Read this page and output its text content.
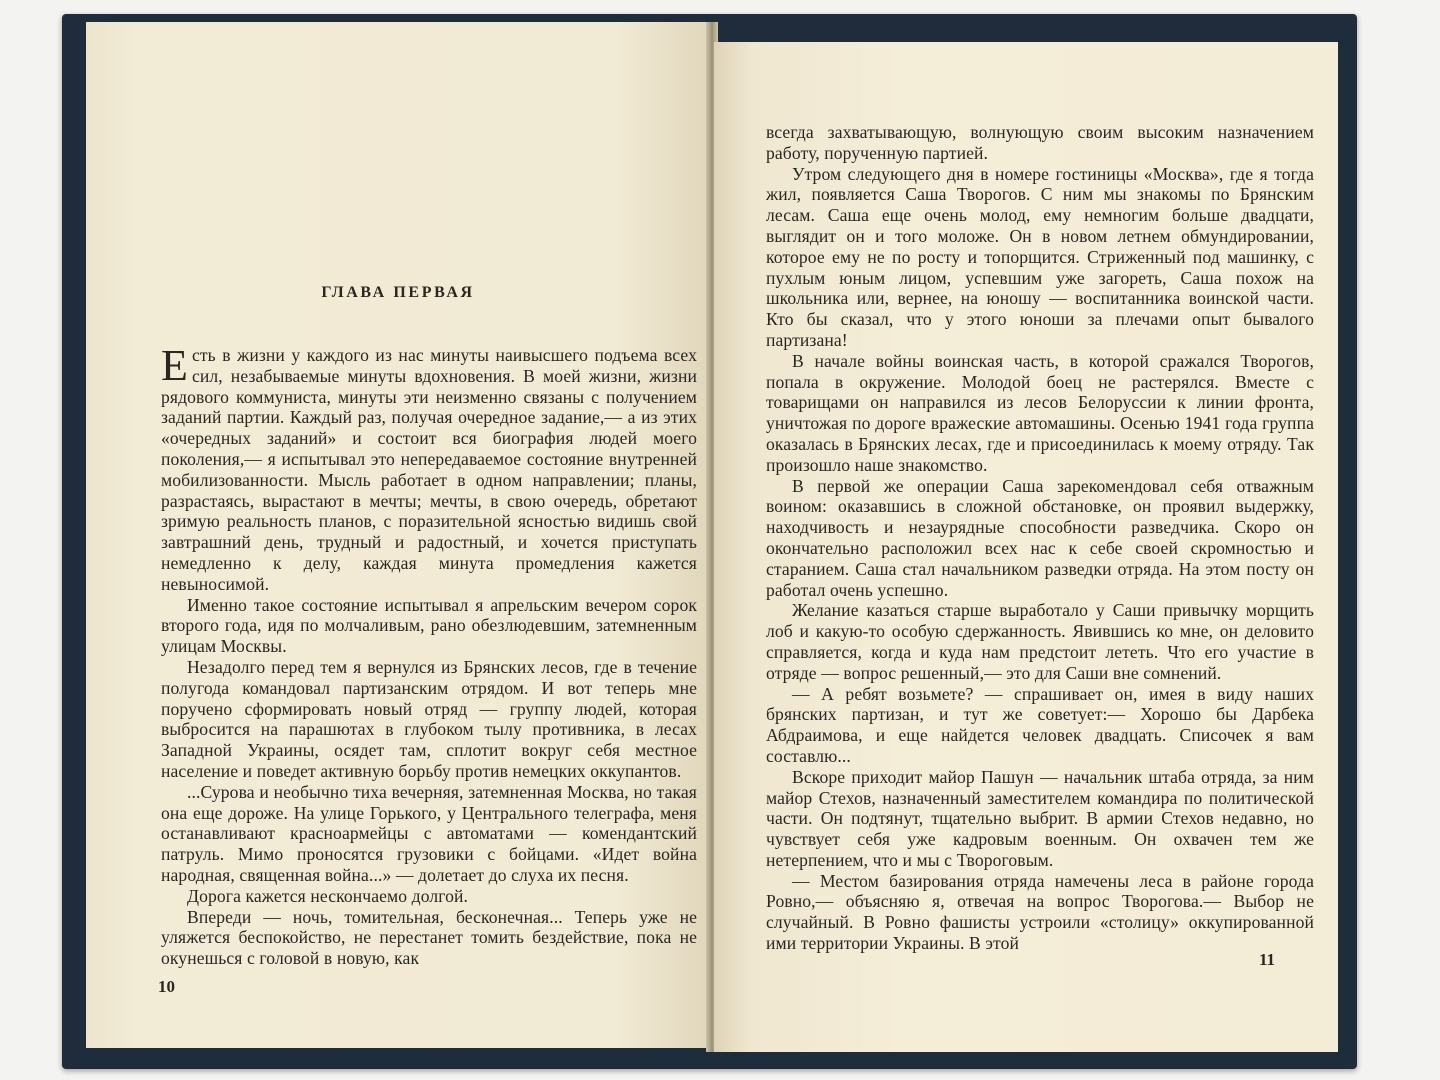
ГЛАВА ПЕРВАЯ

Есть в жизни у каждого из нас минуты наивысшего подъема всех сил, незабываемые минуты вдохновения. В моей жизни, жизни рядового коммуниста, минуты эти неизменно связаны с получением заданий партии. Каждый раз, получая очередное задание,— а из этих «очередных заданий» и состоит вся биография людей моего поколения,— я испытывал это непередаваемое состояние внутренней мобилизованности. Мысль работает в одном направлении; планы, разрастаясь, вырастают в мечты; мечты, в свою очередь, обретают зримую реальность планов, с поразительной ясностью видишь свой завтрашний день, трудный и радостный, и хочется приступать немедленно к делу, каждая минута промедления кажется невыносимой.

Именно такое состояние испытывал я апрельским вечером сорок второго года, идя по молчаливым, рано обезлюдевшим, затемненным улицам Москвы.

Незадолго перед тем я вернулся из Брянских лесов, где в течение полугода командовал партизанским отрядом. И вот теперь мне поручено сформировать новый отряд — группу людей, которая выбросится на парашютах в глубоком тылу противника, в лесах Западной Украины, осядет там, сплотит вокруг себя местное население и поведет активную борьбу против немецких оккупантов.

...Сурова и необычно тиха вечерняя, затемненная Москва, но такая она еще дороже. На улице Горького, у Центрального телеграфа, меня останавливают красноармейцы с автоматами — комендантский патруль. Мимо проносятся грузовики с бойцами. «Идет война народная, священная война...» — долетает до слуха их песня.

Дорога кажется нескончаемо долгой.

Впереди — ночь, томительная, бесконечная... Теперь уже не уляжется беспокойство, не перестанет томить бездействие, пока не окунешься с головой в новую, как

10

всегда захватывающую, волнующую своим высоким назначением работу, порученную партией.

Утром следующего дня в номере гостиницы «Москва», где я тогда жил, появляется Саша Творогов. С ним мы знакомы по Брянским лесам. Саша еще очень молод, ему немногим больше двадцати, выглядит он и того моложе. Он в новом летнем обмундировании, которое ему не по росту и топорщится. Стриженный под машинку, с пухлым юным лицом, успевшим уже загореть, Саша похож на школьника или, вернее, на юношу — воспитанника воинской части. Кто бы сказал, что у этого юноши за плечами опыт бывалого партизана!

В начале войны воинская часть, в которой сражался Творогов, попала в окружение. Молодой боец не растерялся. Вместе с товарищами он направился из лесов Белоруссии к линии фронта, уничтожая по дороге вражеские автомашины. Осенью 1941 года группа оказалась в Брянских лесах, где и присоединилась к моему отряду. Так произошло наше знакомство.

В первой же операции Саша зарекомендовал себя отважным воином: оказавшись в сложной обстановке, он проявил выдержку, находчивость и незаурядные способности разведчика. Скоро он окончательно расположил всех нас к себе своей скромностью и старанием. Саша стал начальником разведки отряда. На этом посту он работал очень успешно.

Желание казаться старше выработало у Саши привычку морщить лоб и какую-то особую сдержанность. Явившись ко мне, он деловито справляется, когда и куда нам предстоит лететь. Что его участие в отряде — вопрос решенный,— это для Саши вне сомнений.

— А ребят возьмете? — спрашивает он, имея в виду наших брянских партизан, и тут же советует:— Хорошо бы Дарбека Абдраимова, и еще найдется человек двадцать. Списочек я вам составлю...

Вскоре приходит майор Пашун — начальник штаба отряда, за ним майор Стехов, назначенный заместителем командира по политической части. Он подтянут, тщательно выбрит. В армии Стехов недавно, но чувствует себя уже кадровым военным. Он охвачен тем же нетерпением, что и мы с Твороговым.

— Местом базирования отряда намечены леса в районе города Ровно,— объясняю я, отвечая на вопрос Творогова.— Выбор не случайный. В Ровно фашисты устроили «столицу» оккупированной ими территории Украины. В этой

11
